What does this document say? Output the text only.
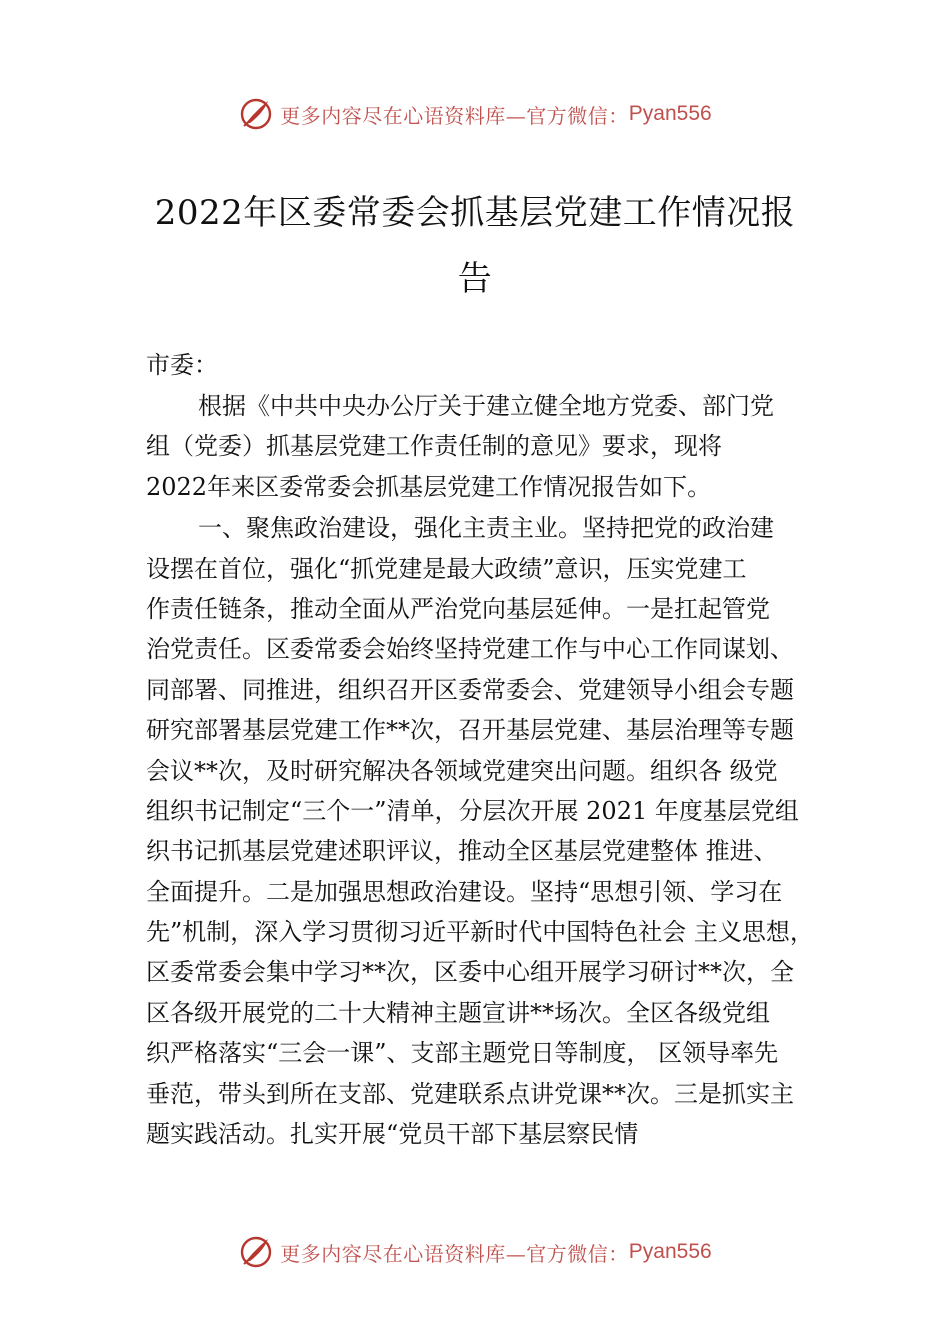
更多内容尽在心语资料库—官方微信： Pyan556
2022年区委常委会抓基层党建工作情况报
告
市委：
根据《中共中央办公厅关于建立健全地方党委、部门党
组（党委）抓基层党建工作责任制的意见》要求，现将
2022年来区委常委会抓基层党建工作情况报告如下。
一、聚焦政治建设，强化主责主业。坚持把党的政治建
设摆在首位，强化“抓党建是最大政绩”意识，压实党建工
作责任链条，推动全面从严治党向基层延伸。一是扛起管党
治党责任。区委常委会始终坚持党建工作与中心工作同谋划、
同部署、同推进，组织召开区委常委会、党建领导小组会专题
研究部署基层党建工作**次，召开基层党建、基层治理等专题
会议**次，及时研究解决各领域党建突出问题。组织各 级党
组织书记制定“三个一”清单，分层次开展 2021 年度基层党组
织书记抓基层党建述职评议，推动全区基层党建整体 推进、
全面提升。二是加强思想政治建设。坚持“思想引领、学习在
先”机制，深入学习贯彻习近平新时代中国特色社会 主义思想，
区委常委会集中学习**次，区委中心组开展学习研讨**次，全
区各级开展党的二十大精神主题宣讲**场次。全区各级党组
织严格落实“三会一课”、支部主题党日等制度， 区领导率先
垂范，带头到所在支部、党建联系点讲党课**次。三是抓实主
题实践活动。扎实开展“党员干部下基层察民情
更多内容尽在心语资料库—官方微信： Pyan556
